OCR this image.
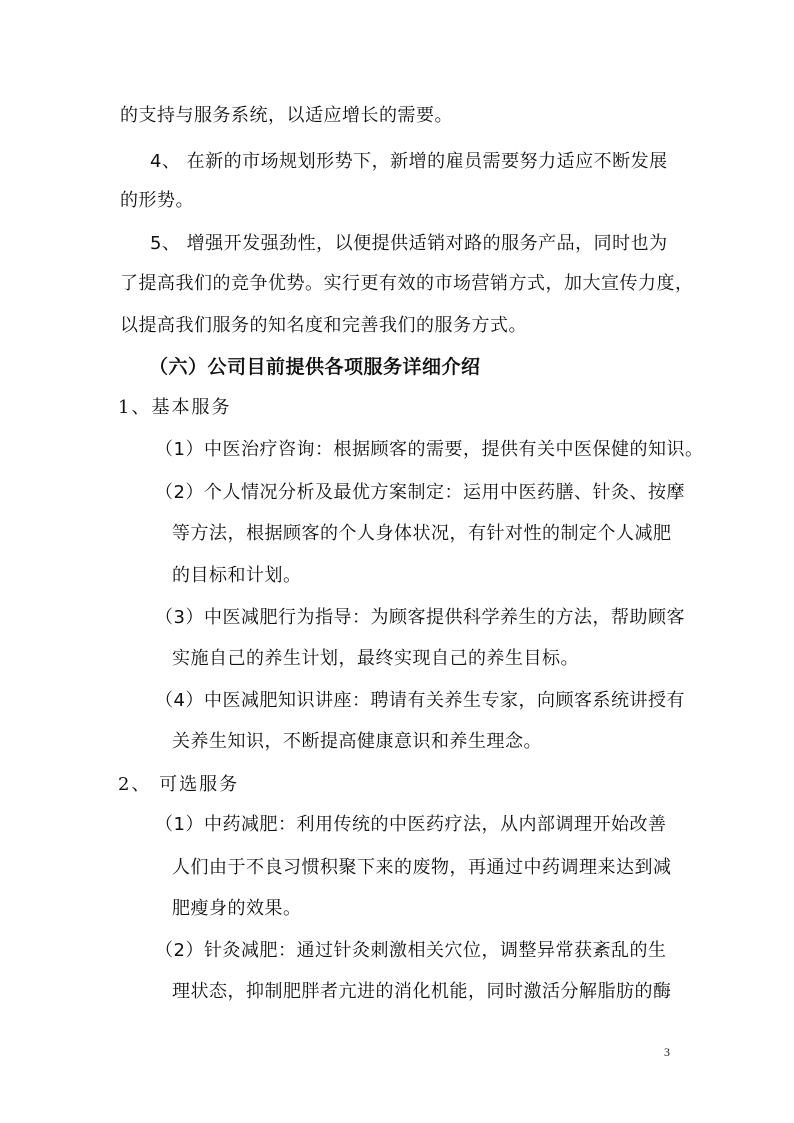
的支持与服务系统，以适应增长的需要。
4、 在新的市场规划形势下，新增的雇员需要努力适应不断发展
的形势。
5、 增强开发强劲性，以便提供适销对路的服务产品，同时也为
了提高我们的竞争优势。实行更有效的市场营销方式，加大宣传力度，
以提高我们服务的知名度和完善我们的服务方式。
（六）公司目前提供各项服务详细介绍
1、基本服务
（1）中医治疗咨询：根据顾客的需要，提供有关中医保健的知识。
（2）个人情况分析及最优方案制定：运用中医药膳、针灸、按摩
等方法，根据顾客的个人身体状况，有针对性的制定个人减肥
的目标和计划。
（3）中医减肥行为指导：为顾客提供科学养生的方法，帮助顾客
实施自己的养生计划，最终实现自己的养生目标。
（4）中医减肥知识讲座：聘请有关养生专家，向顾客系统讲授有
关养生知识，不断提高健康意识和养生理念。
2、 可选服务
（1）中药减肥：利用传统的中医药疗法，从内部调理开始改善
人们由于不良习惯积聚下来的废物，再通过中药调理来达到减
肥瘦身的效果。
（2）针灸减肥：通过针灸刺激相关穴位，调整异常获紊乱的生
理状态，抑制肥胖者亢进的消化机能，同时激活分解脂肪的酶
3
